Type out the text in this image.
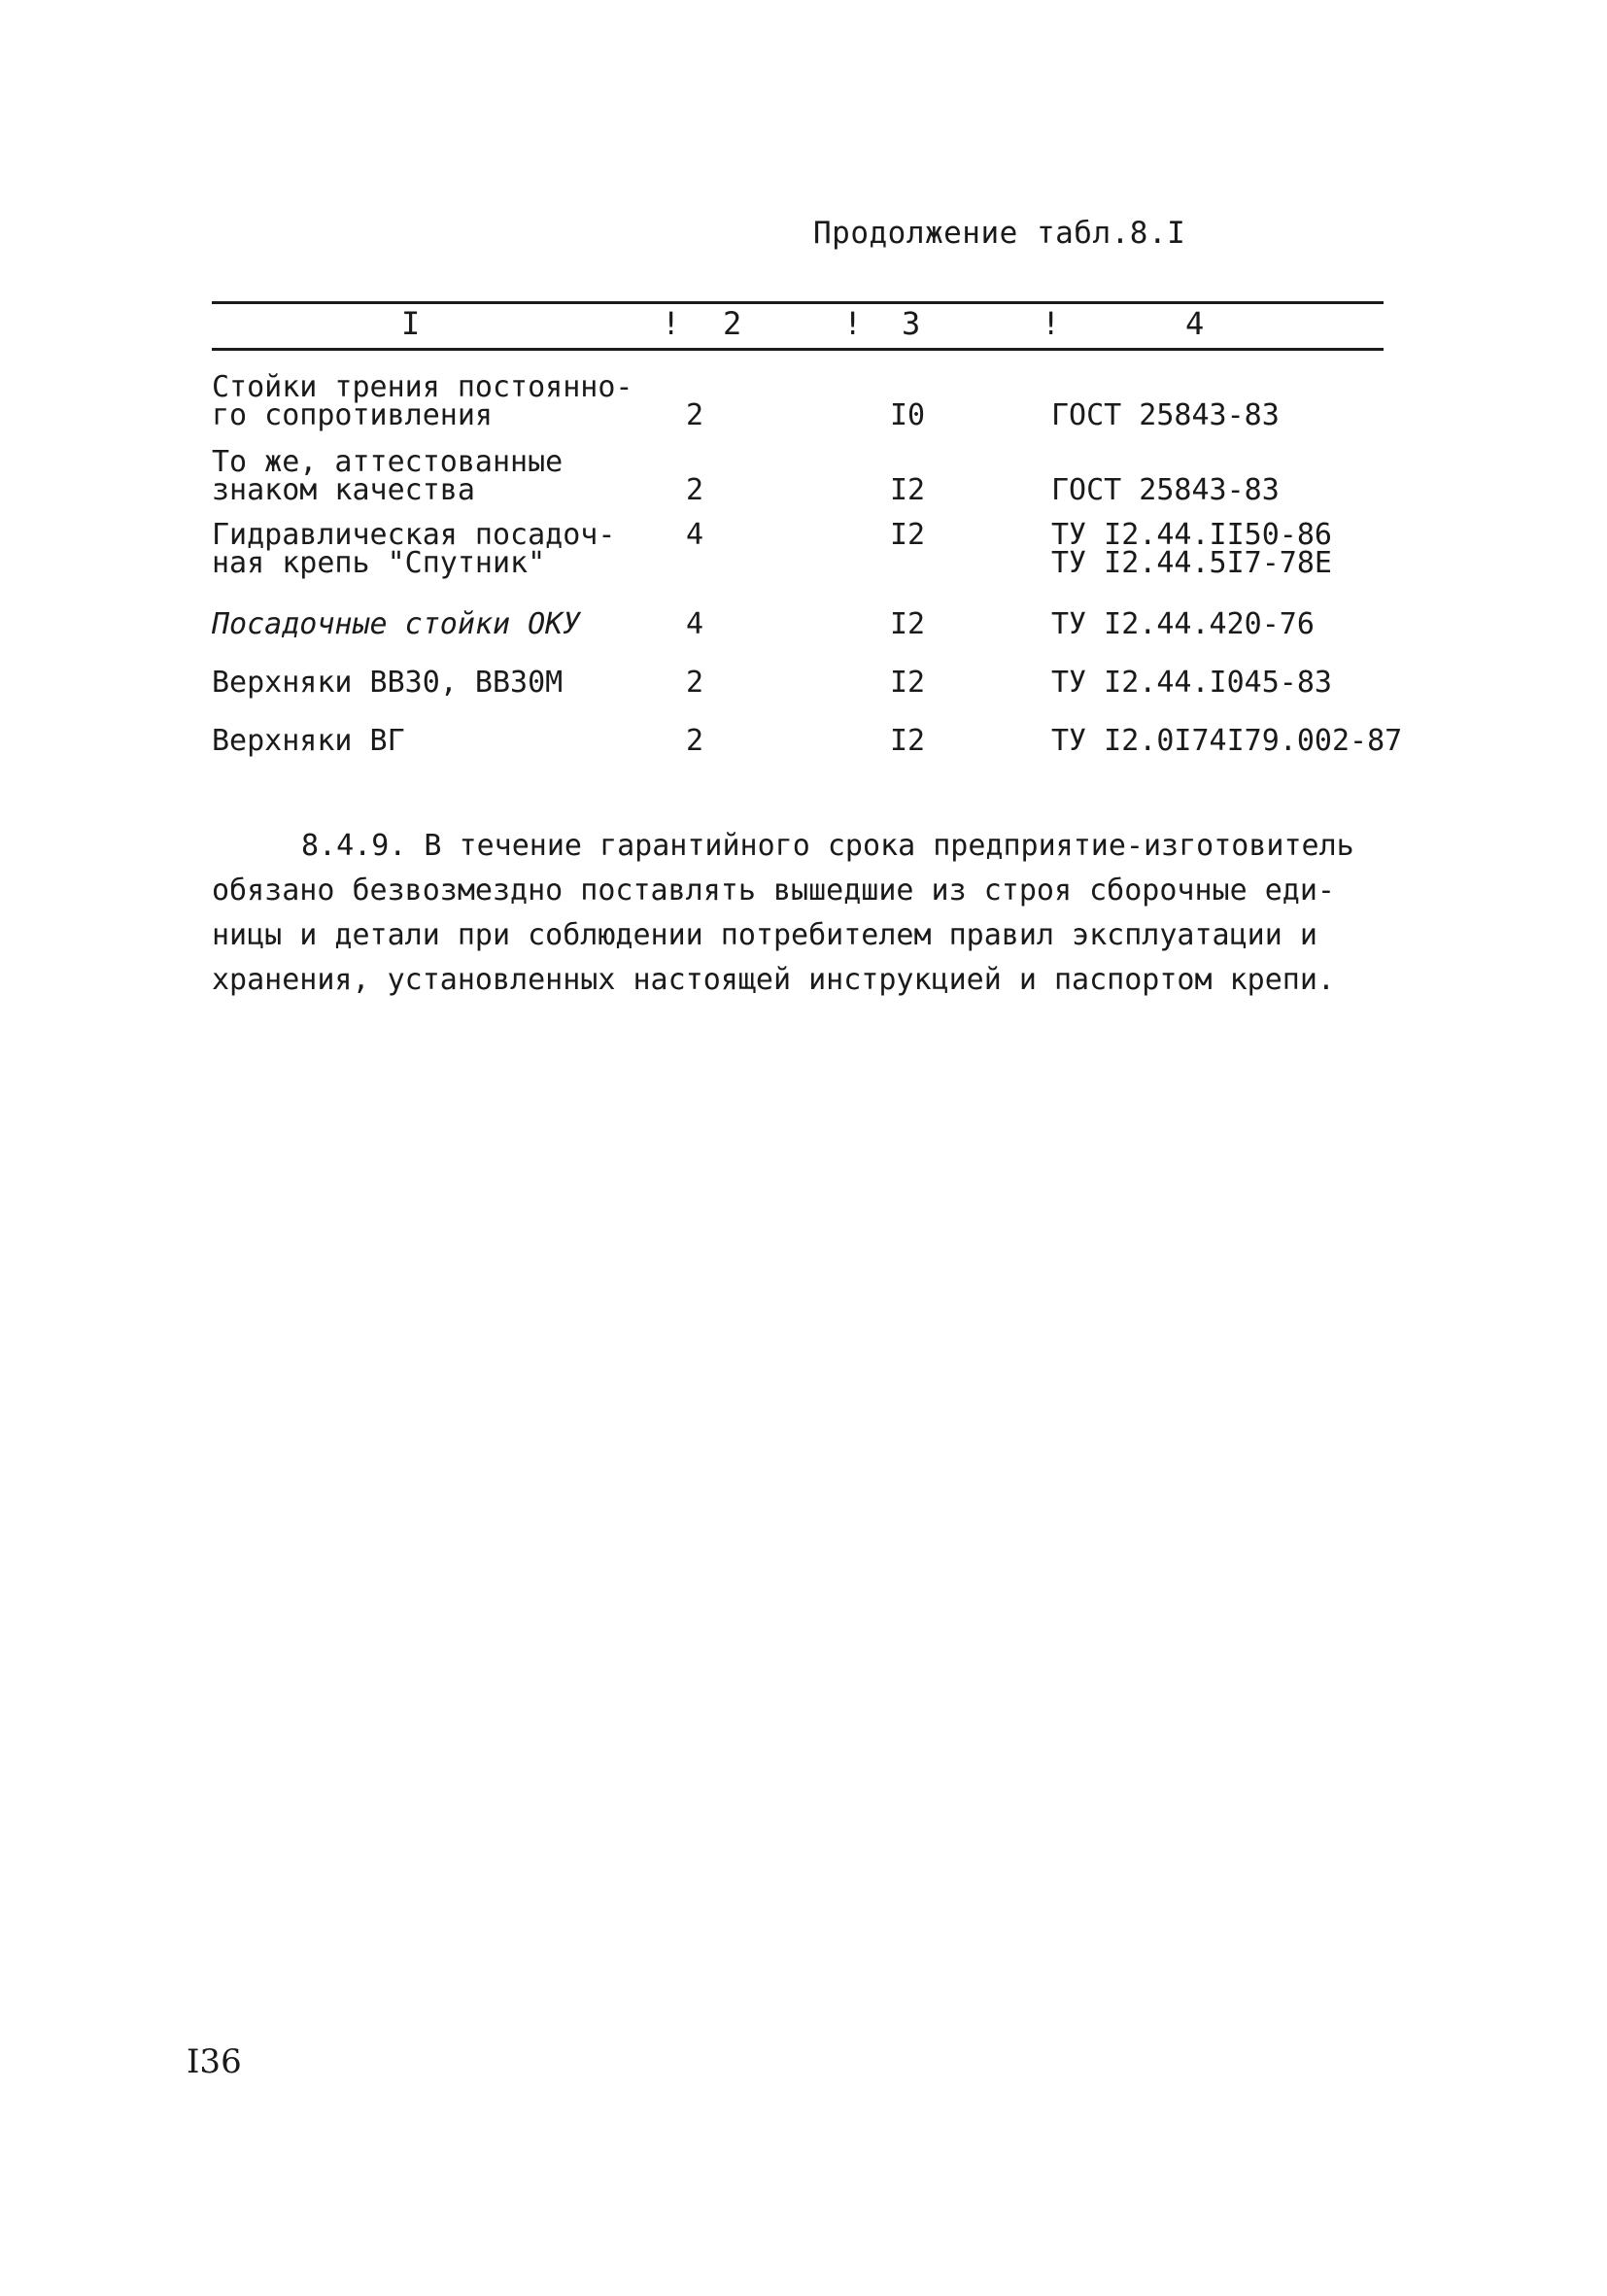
Продолжение табл.8.I
I	! 2	! 3	!	4
Стойки трения постоянно-
го сопротивления	2	I0	ГОСТ 25843-83
То же, аттестованные
знаком качества	2	I2	ГОСТ 25843-83
Гидравлическая посадоч-
ная крепь "Спутник"
4	I2	ТУ I2.44.II50-86
ТУ I2.44.5I7-78Е
Посадочные стойки ОКУ	4	I2	ТУ I2.44.420-76
Верхняки ВВ30, ВВ30М	2	I2	ТУ I2.44.I045-83
Верхняки ВГ	2	I2	ТУ I2.0I74I79.002-87
8.4.9. В течение гарантийного срока предприятие-изготовитель
обязано безвозмездно поставлять вышедшие из строя сборочные еди-
ницы и детали при соблюдении потребителем правил эксплуатации и
хранения, установленных настоящей инструкцией и паспортом крепи.
I36
